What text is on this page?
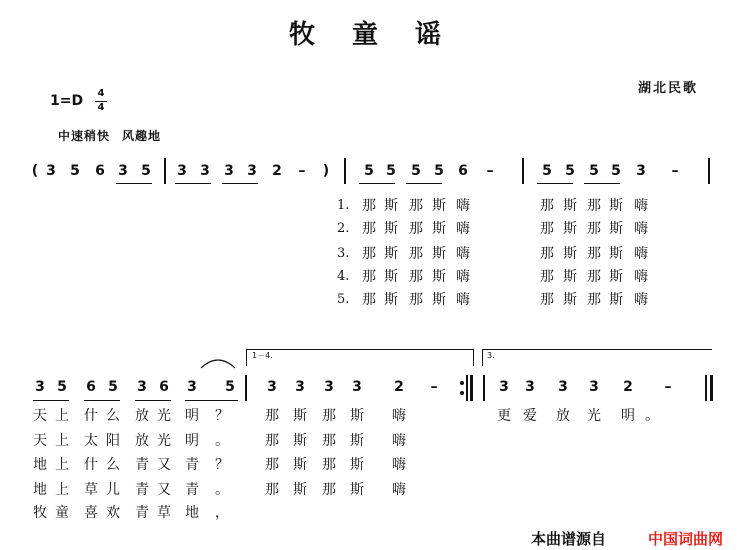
牧 童 谣
湖北民歌
$1=D \frac{4}{4}$
中速稍快 风趣地
(	)
3 5 6 3 5 3 3 3 3 2 –	5 5 5 5 6 –	5 5 5 5 3 –
1. 那 斯 那 斯 嗨	那 斯 那 斯 嗨
2. 那 斯 那 斯 嗨	那 斯 那 斯 嗨
3. 那 斯 那 斯 嗨	那 斯 那 斯 嗨
4. 那 斯 那 斯 嗨	那 斯 那 斯 嗨
5. 那 斯 那 斯 嗨	那 斯 那 斯 嗨
1－4.	3.
3 5 6 5 3 6 3 5 3 3 3 3 2 –	3 3 3 3 2 –
天 上 什 么 放 光 明 ？	那 斯 那 斯 嗨	更 爱 放 光 明 。
天 上 太 阳 放 光 明 。	那 斯 那 斯 嗨
地 上 什 么 青 又 青 ？	那 斯 那 斯 嗨
地 上 草 儿 青 又 青 。	那 斯 那 斯 嗨
牧 童 喜 欢 青 草 地 ，
本曲谱源自	中国词曲网
